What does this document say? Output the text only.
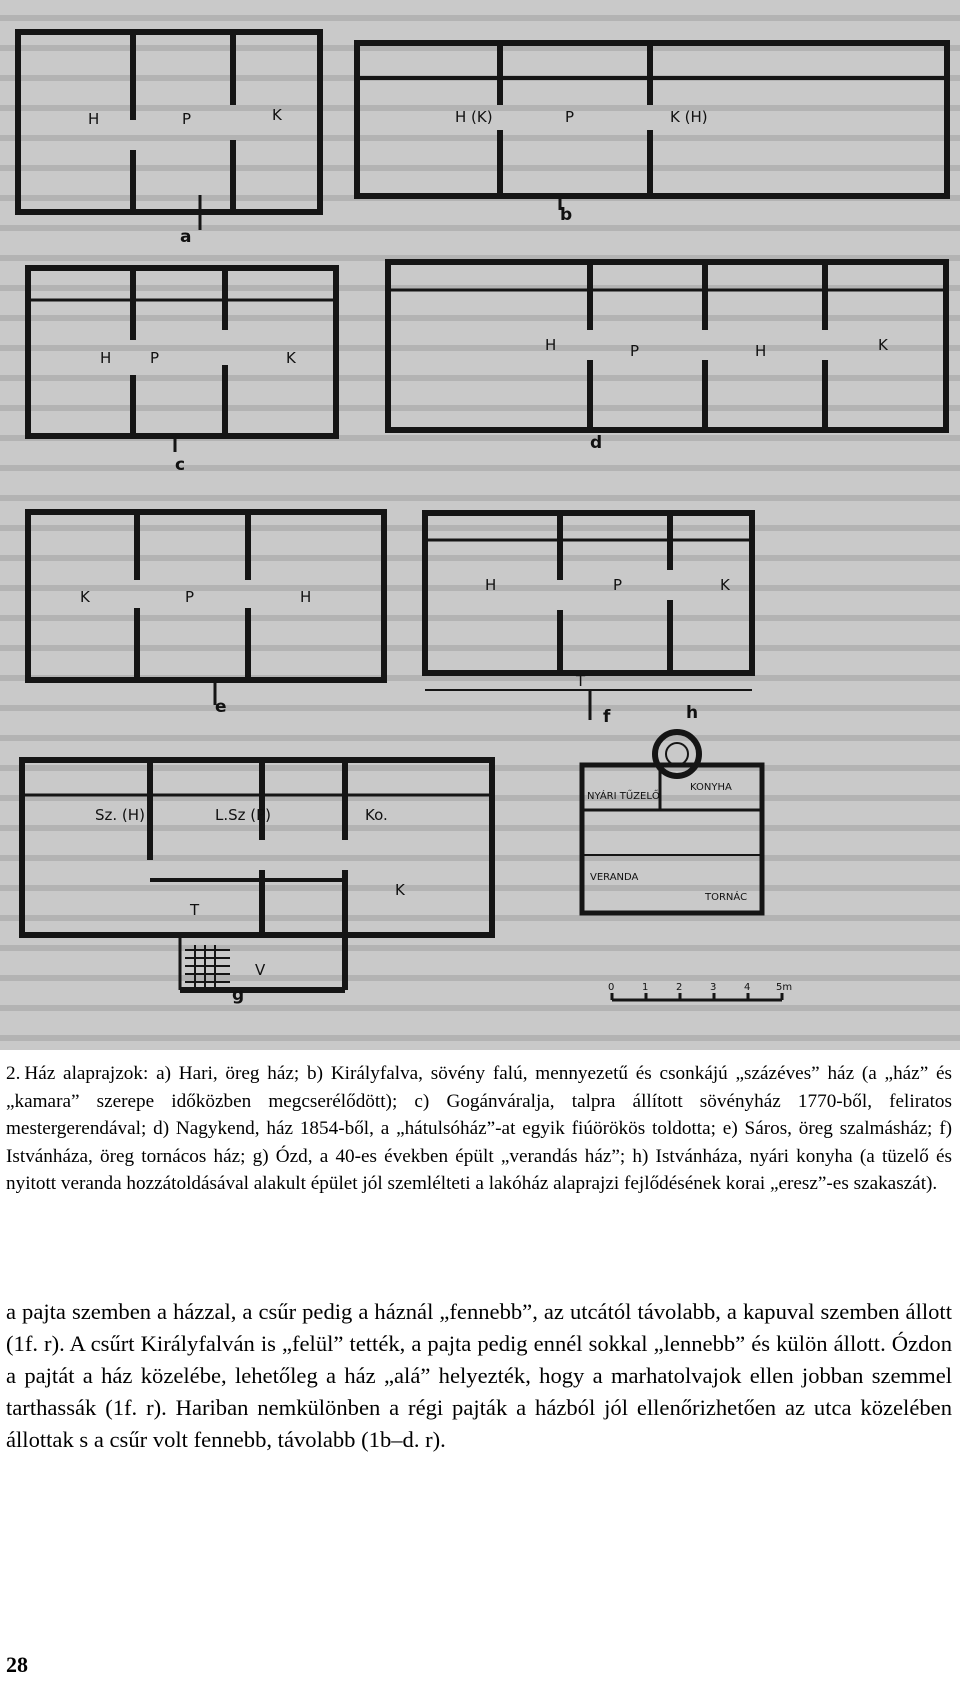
H	P	K
a
H (K)	P	K (H)
b
H	P	K
c
H	P	H	K
d
K	P	H
e
H	P	K
T
f
Sz. (H)	L.Sz (P)	Ko.
T
K
V
g
NYÁRI TŰZELŐ
KONYHA
VERANDA
TORNÁC
h
0	1	2	3	4	5m
2. Ház alaprajzok: a) Hari, öreg ház; b) Királyfalva, sövény falú, mennyezetű és csonkájú „százéves” ház (a „ház” és „kamara” szerepe időközben megcserélődött); c) Gogánváralja, talpra állított sövényház 1770-ből, feliratos mestergerendával; d) Nagykend, ház 1854-ből, a „hátulsóház”-at egyik fiúörökös toldotta; e) Sáros, öreg szalmásház; f) Istvánháza, öreg tornácos ház; g) Ózd, a 40-es években épült „verandás ház”; h) Istvánháza, nyári konyha (a tüzelő és nyitott veranda hozzátoldásával alakult épület jól szemlélteti a lakóház alaprajzi fejlődésének korai „eresz”-es szakaszát).
a pajta szemben a házzal, a csűr pedig a háznál „fennebb”, az utcától távolabb, a kapuval szemben állott (1f. r). A csűrt Királyfalván is „felül” tették, a pajta pedig ennél sokkal „lennebb” és külön állott. Ózdon a pajtát a ház közelébe, lehetőleg a ház „alá” helyezték, hogy a marhatolvajok ellen jobban szemmel tarthassák (1f. r). Hariban nemkülönben a régi pajták a házból jól ellenőrizhetően az utca közelében állottak s a csűr volt fennebb, távolabb (1b–d. r).
28
